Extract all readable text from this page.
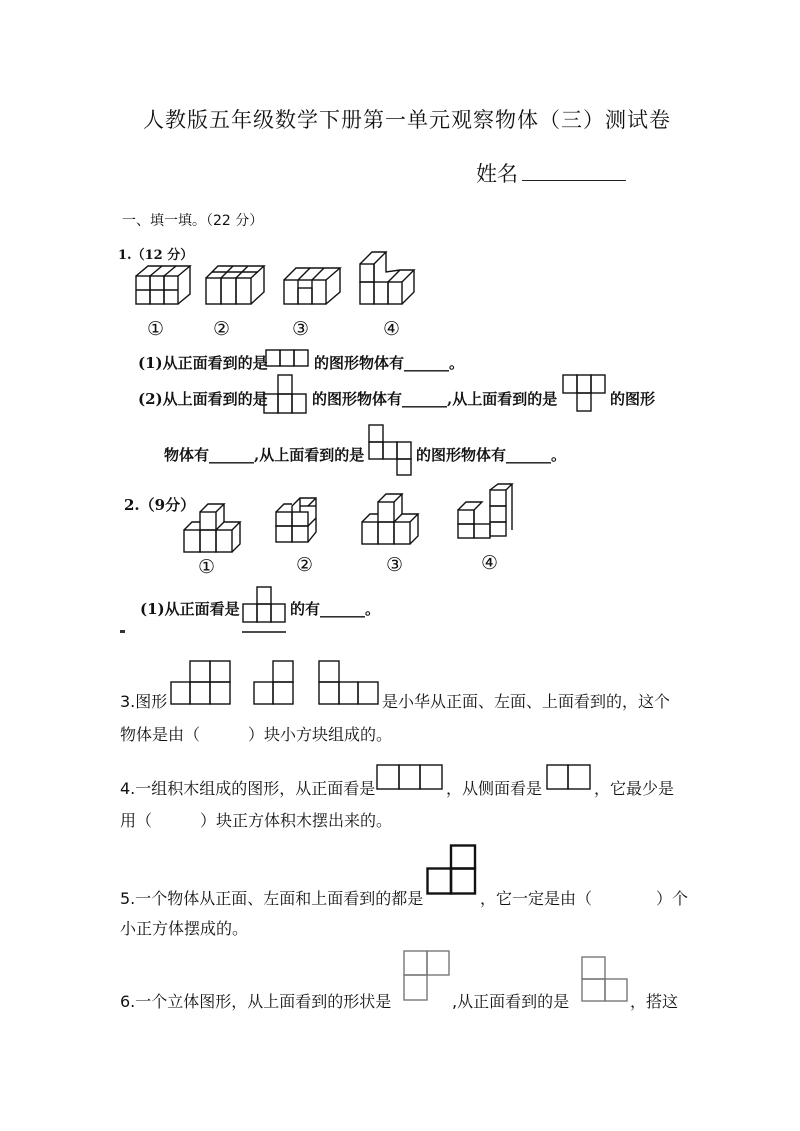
人教版五年级数学下册第一单元观察物体（三）测试卷
姓名
一、填一填。（22 分）
1.（12 分）
①	②	③	④
(1)从正面看到的是	的图形物体有______。
(2)从上面看到的是	的图形物体有______,从上面看到的是	的图形
物体有______,从上面看到的是	的图形物体有______。
2.（9分）
①	②	③	④
(1)从正面看是	的有______。
3.图形	是小华从正面、左面、上面看到的，这个
物体是由（　　　）块小方块组成的。
4.一组积木组成的图形，从正面看是	，从侧面看是	，它最少是
用（　　　）块正方体积木摆出来的。
5.一个物体从正面、左面和上面看到的都是	，它一定是由（　　　　）个
小正方体摆成的。
6.一个立体图形，从上面看到的形状是	,从正面看到的是	，搭这
